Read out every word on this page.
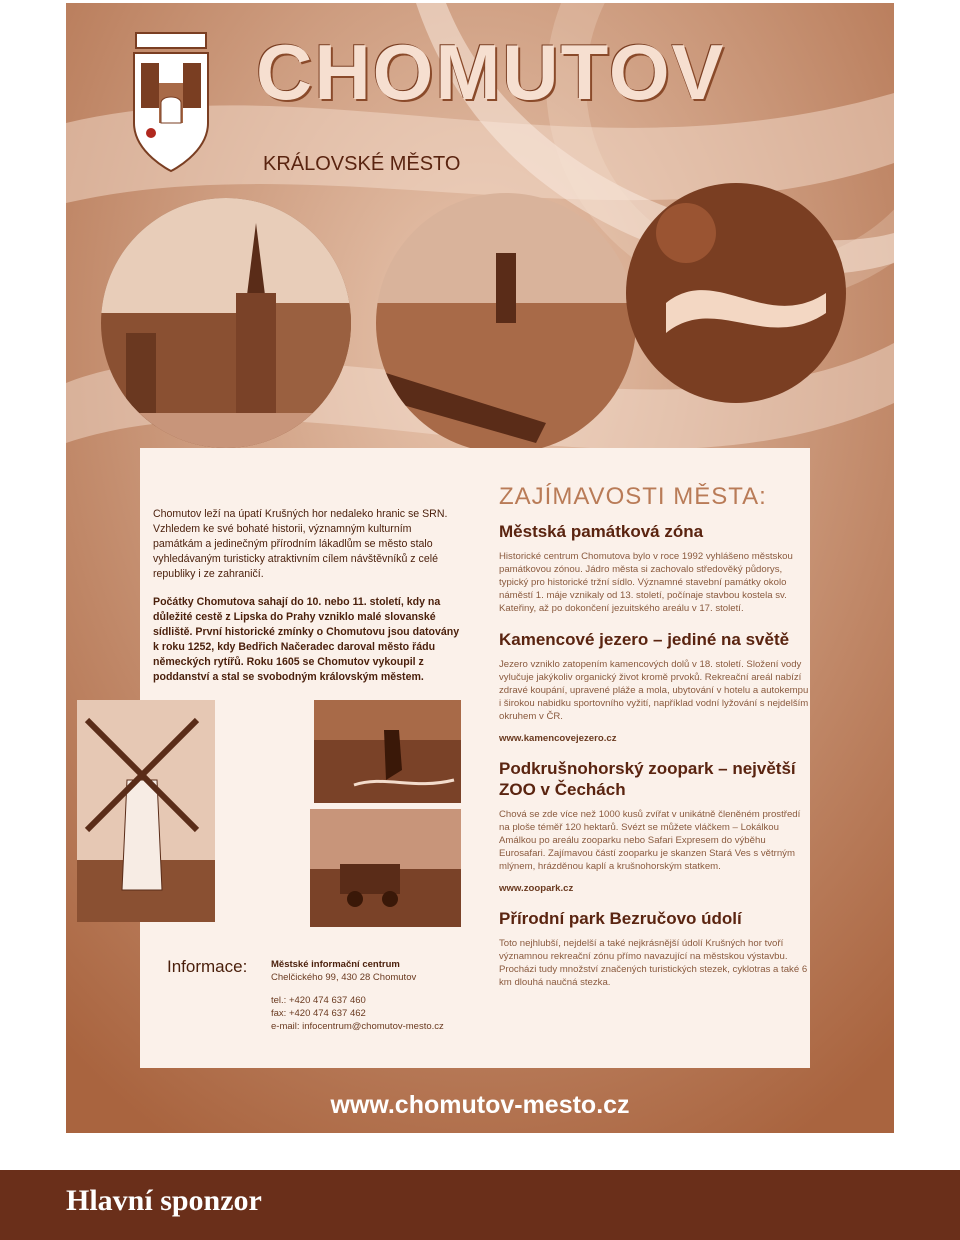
CHOMUTOV
KRÁLOVSKÉ MĚSTO
www.chomutov-mesto.cz

Chomutov leží na úpatí Krušných hor nedaleko hranic se SRN. Vzhledem ke své bohaté historii, významným kulturním památkám a jedinečným přírodním lákadlům se město stalo vyhledávaným turisticky atraktivním cílem návštěvníků z celé republiky i ze zahraničí.

Počátky Chomutova sahají do 10. nebo 11. století, kdy na důležité cestě z Lipska do Prahy vzniklo malé slovanské sídliště. První historické zmínky o Chomutovu jsou datovány k roku 1252, kdy Bedřich Načeradec daroval město řádu německých rytířů. Roku 1605 se Chomutov vykoupil z poddanství a stal se svobodným královským městem.

Informace: Městské informační centrum
Chelčického 99, 430 28 Chomutov
tel.: +420 474 637 460
fax: +420 474 637 462
e-mail: infocentrum@chomutov-mesto.cz
ZAJÍMAVOSTI MĚSTA:
Městská památková zóna
Historické centrum Chomutova bylo v roce 1992 vyhlášeno městskou památkovou zónou. Jádro města si zachovalo středověký půdorys, typický pro historické tržní sídlo. Významné stavební památky okolo náměstí 1. máje vznikaly od 13. století, počínaje stavbou kostela sv. Kateřiny, až po dokončení jezuitského areálu v 17. století.
Kamencové jezero – jediné na světě
Jezero vzniklo zatopením kamencových dolů v 18. století. Složení vody vylučuje jakýkoliv organický život kromě prvoků. Rekreační areál nabízí zdravé koupání, upravené pláže a mola, ubytování v hotelu a autokempu i širokou nabidku sportovního vyžití, například vodní lyžování s nejdelším okruhem v ČR.
www.kamencovejezero.cz
Podkrušnohorský zoopark – největší ZOO v Čechách
Chová se zde více než 1000 kusů zvířat v unikátně členěném prostředí na ploše téměř 120 hektarů. Svézt se můžete vláčkem – Lokálkou Amálkou po areálu zooparku nebo Safari Expresem do výběhu Eurosafari. Zajímavou částí zooparku je skanzen Stará Ves s větrným mlýnem, hrázděnou kaplí a krušnohorským statkem.
www.zoopark.cz
Přírodní park Bezručovo údolí
Toto nejhlubší, nejdelší a také nejkrásnější údolí Krušných hor tvoří významnou rekreační zónu přímo navazující na městskou výstavbu. Procházi tudy množství značených turistických stezek, cyklotras a také 6 km dlouhá naučná stezka.
Hlavní sponzor
